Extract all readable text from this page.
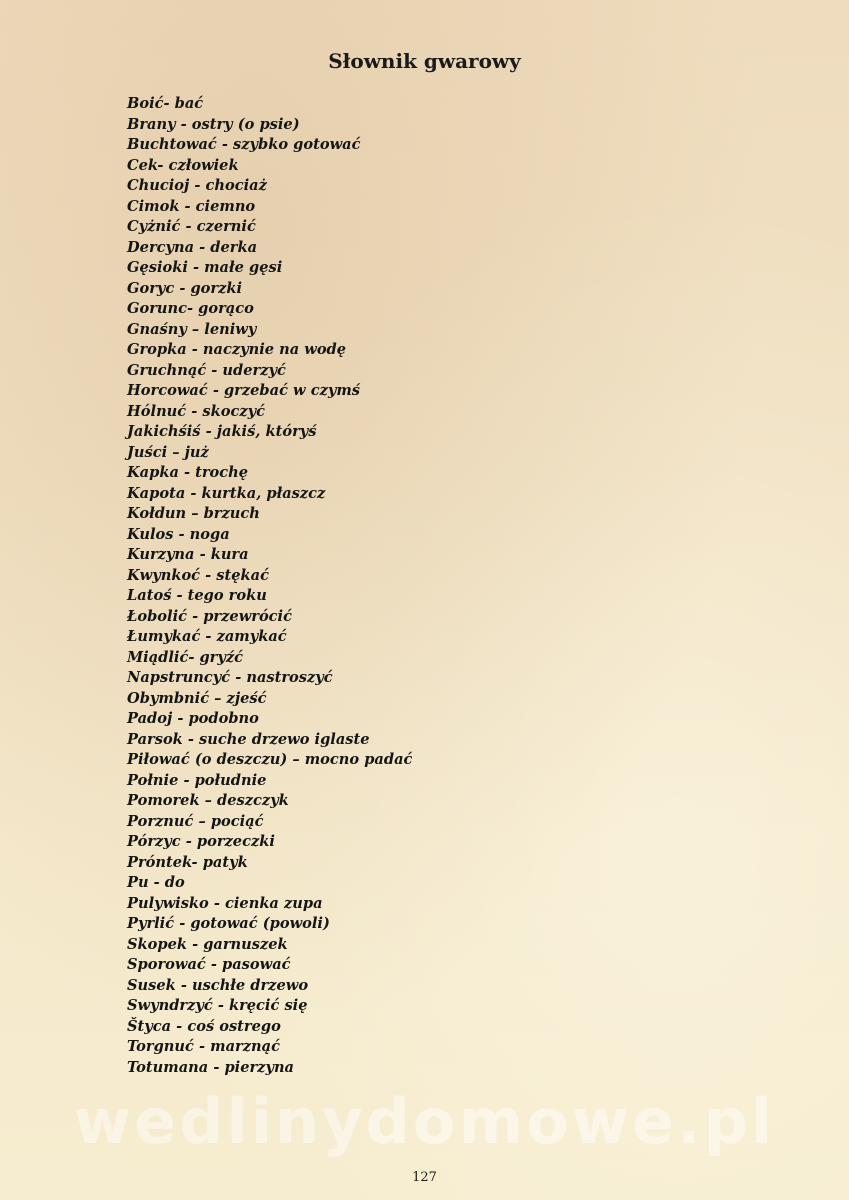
Słownik gwarowy
Boić- bać
Brany - ostry (o psie)
Buchtować - szybko gotować
Cek- człowiek
Chucioj - chociaż
Cimok - ciemno
Cyżnić - czernić
Dercyna - derka
Gęsioki - małe gęsi
Goryc - gorzki
Gorunc- gorąco
Gnaśny – leniwy
Gropka - naczynie na wodę
Gruchnąć - uderzyć
Horcować - grzebać w czymś
Hólnuć - skoczyć
Jakichśiś - jakiś, któryś
Juści – już
Kapka - trochę
Kapota - kurtka, płaszcz
Kołdun – brzuch
Kulos - noga
Kurzyna - kura
Kwynkoć - stękać
Latoś - tego roku
Łobolić - przewrócić
Łumykać - zamykać
Miądlić- gryźć
Napstruncyć - nastroszyć
Obymbnić – zjeść
Padoj - podobno
Parsok - suche drzewo iglaste
Piłować (o deszczu) – mocno padać
Połnie - południe
Pomorek – deszczyk
Porznuć – pociąć
Pórzyc - porzeczki
Próntek- patyk
Pu - do
Pulywisko - cienka zupa
Pyrlić - gotować (powoli)
Skopek - garnuszek
Sporować - pasować
Susek - uschłe drzewo
Swyndrzyć - kręcić się
Štyca - coś ostrego
Torgnuć - marznąć
Totumana - pierzyna
wedlinydomowe.pl
127
